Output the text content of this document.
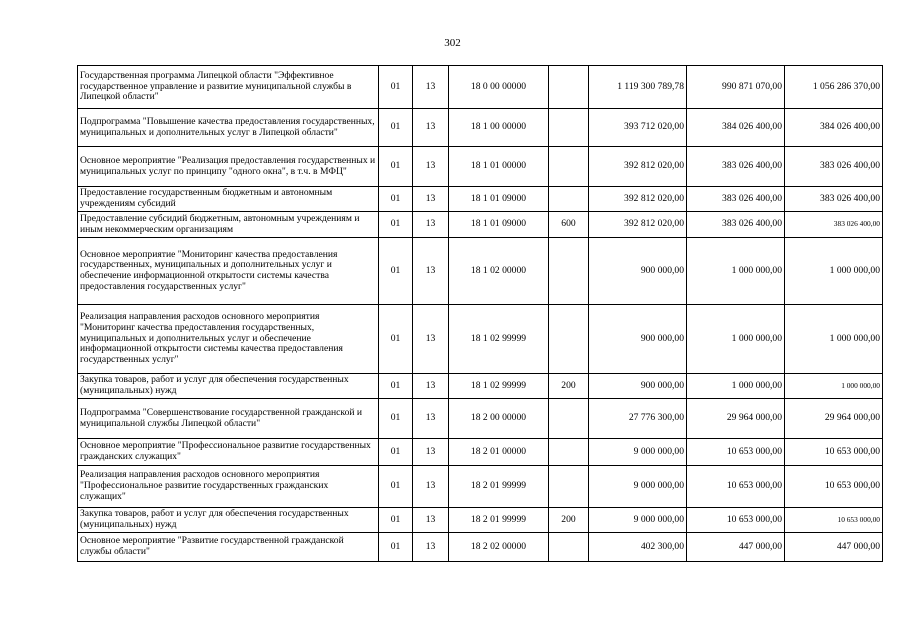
302
Государственная программа Липецкой области "Эффективное государственное управление и развитие муниципальной службы в Липецкой области"	01	13	18 0 00 00000		1 119 300 789,78	990 871 070,00	1 056 286 370,00
Подпрограмма "Повышение качества предоставления государственных, муниципальных и дополнительных услуг в Липецкой области"	01	13	18 1 00 00000		393 712 020,00	384 026 400,00	384 026 400,00
Основное мероприятие "Реализация предоставления государственных и муниципальных услуг по принципу "одного окна", в т.ч. в МФЦ"	01	13	18 1 01 00000		392 812 020,00	383 026 400,00	383 026 400,00
Предоставление государственным бюджетным и автономным учреждениям субсидий	01	13	18 1 01 09000		392 812 020,00	383 026 400,00	383 026 400,00
Предоставление субсидий бюджетным, автономным учреждениям и иным некоммерческим организациям	01	13	18 1 01 09000	600	392 812 020,00	383 026 400,00	383 026 400,00
Основное мероприятие "Мониторинг качества предоставления государственных, муниципальных и дополнительных услуг и обеспечение информационной открытости системы качества предоставления государственных услуг"	01	13	18 1 02 00000		900 000,00	1 000 000,00	1 000 000,00
Реализация направления расходов основного мероприятия "Мониторинг качества предоставления государственных, муниципальных и дополнительных услуг и обеспечение информационной открытости системы качества предоставления государственных услуг"	01	13	18 1 02 99999		900 000,00	1 000 000,00	1 000 000,00
Закупка товаров, работ и услуг для обеспечения государственных (муниципальных) нужд	01	13	18 1 02 99999	200	900 000,00	1 000 000,00	1 000 000,00
Подпрограмма "Совершенствование государственной гражданской и муниципальной службы Липецкой области"	01	13	18 2 00 00000		27 776 300,00	29 964 000,00	29 964 000,00
Основное мероприятие "Профессиональное развитие государственных гражданских служащих"	01	13	18 2 01 00000		9 000 000,00	10 653 000,00	10 653 000,00
Реализация направления расходов основного мероприятия "Профессиональное развитие государственных гражданских служащих"	01	13	18 2 01 99999		9 000 000,00	10 653 000,00	10 653 000,00
Закупка товаров, работ и услуг для обеспечения государственных (муниципальных) нужд	01	13	18 2 01 99999	200	9 000 000,00	10 653 000,00	10 653 000,00
Основное мероприятие "Развитие государственной гражданской службы области"	01	13	18 2 02 00000		402 300,00	447 000,00	447 000,00
